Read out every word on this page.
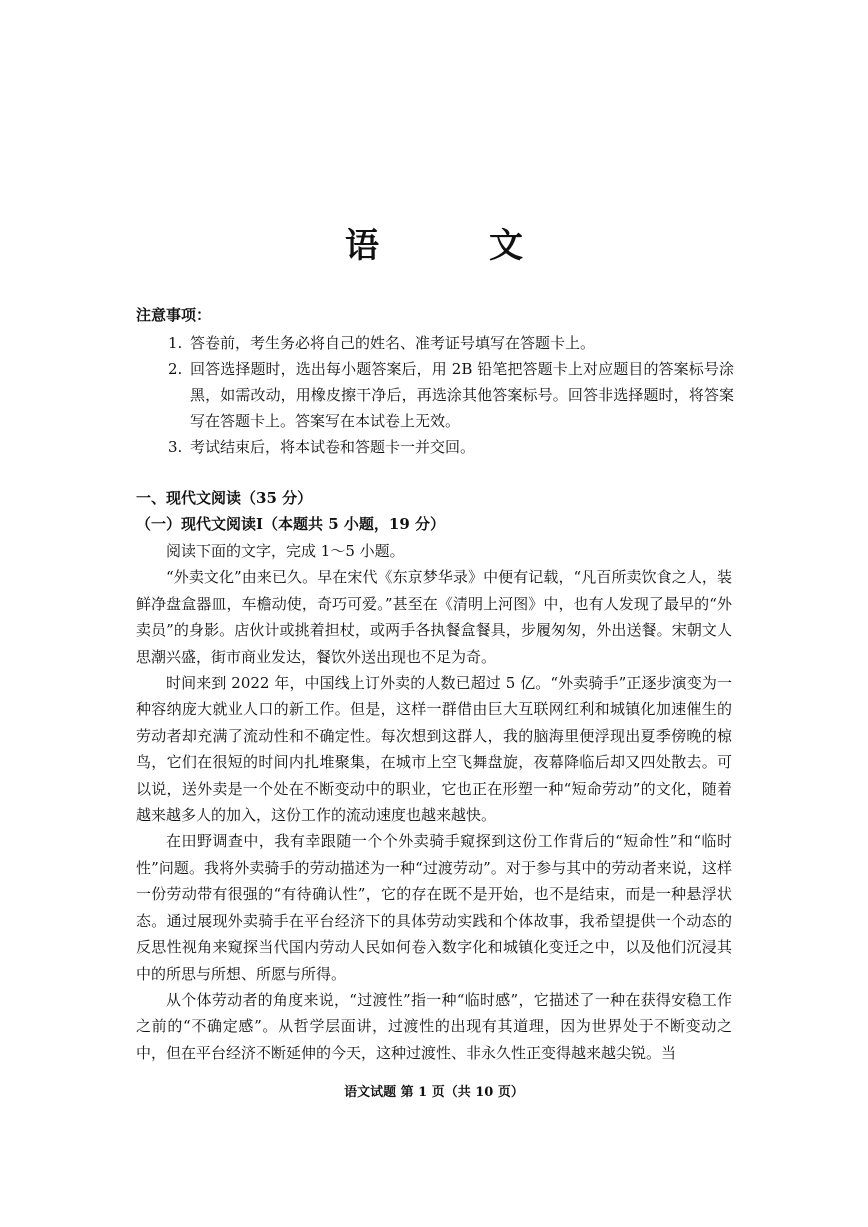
语　文
注意事项：
1. 答卷前，考生务必将自己的姓名、准考证号填写在答题卡上。
2. 回答选择题时，选出每小题答案后，用 2B 铅笔把答题卡上对应题目的答案标号涂黑，如需改动，用橡皮擦干净后，再选涂其他答案标号。回答非选择题时，将答案写在答题卡上。答案写在本试卷上无效。
3. 考试结束后，将本试卷和答题卡一并交回。
一、现代文阅读（35 分）
（一）现代文阅读Ⅰ（本题共 5 小题，19 分）

阅读下面的文字，完成 1～5 小题。

“外卖文化”由来已久。早在宋代《东京梦华录》中便有记载，“凡百所卖饮食之人，装鲜净盘盒器皿，车檐动使，奇巧可爱。”甚至在《清明上河图》中，也有人发现了最早的“外卖员”的身影。店伙计或挑着担杖，或两手各执餐盒餐具，步履匆匆，外出送餐。宋朝文人思潮兴盛，街市商业发达，餐饮外送出现也不足为奇。

时间来到 2022 年，中国线上订外卖的人数已超过 5 亿。“外卖骑手”正逐步演变为一种容纳庞大就业人口的新工作。但是，这样一群借由巨大互联网红利和城镇化加速催生的劳动者却充满了流动性和不确定性。每次想到这群人，我的脑海里便浮现出夏季傍晚的椋鸟，它们在很短的时间内扎堆聚集，在城市上空飞舞盘旋，夜幕降临后却又四处散去。可以说，送外卖是一个处在不断变动中的职业，它也正在形塑一种“短命劳动”的文化，随着越来越多人的加入，这份工作的流动速度也越来越快。

在田野调查中，我有幸跟随一个个外卖骑手窥探到这份工作背后的“短命性”和“临时性”问题。我将外卖骑手的劳动描述为一种“过渡劳动”。对于参与其中的劳动者来说，这样一份劳动带有很强的“有待确认性”，它的存在既不是开始，也不是结束，而是一种悬浮状态。通过展现外卖骑手在平台经济下的具体劳动实践和个体故事，我希望提供一个动态的反思性视角来窥探当代国内劳动人民如何卷入数字化和城镇化变迁之中，以及他们沉浸其中的所思与所想、所愿与所得。

从个体劳动者的角度来说，“过渡性”指一种“临时感”，它描述了一种在获得安稳工作之前的“不确定感”。从哲学层面讲，过渡性的出现有其道理，因为世界处于不断变动之中，但在平台经济不断延伸的今天，这种过渡性、非永久性正变得越来越尖锐。当

语文试题 第 1 页（共 10 页）
